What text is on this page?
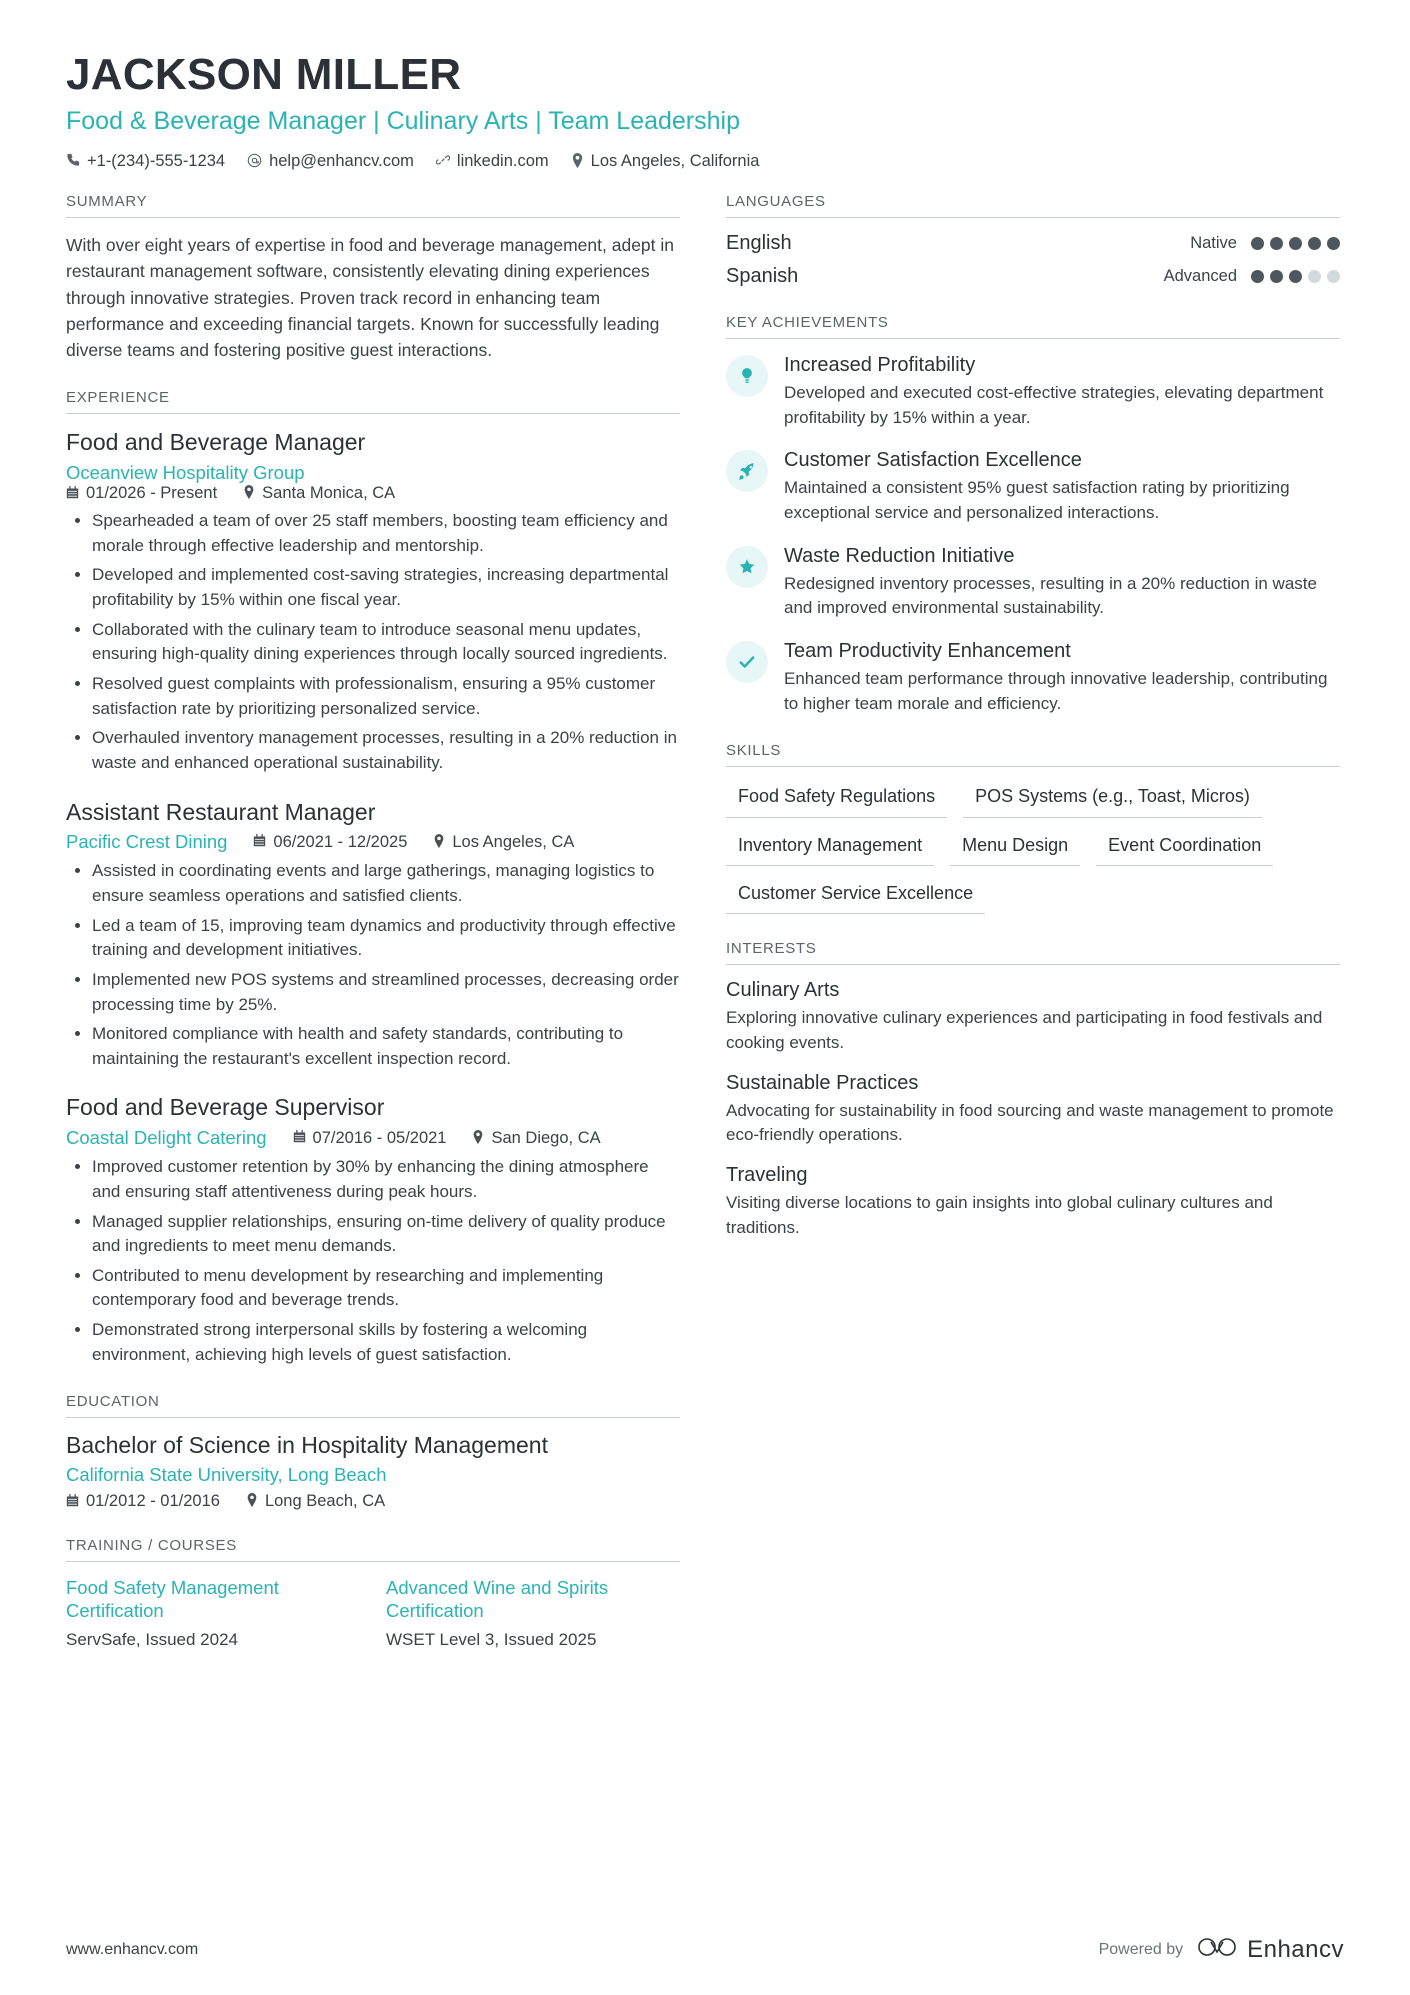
JACKSON MILLER
Food & Beverage Manager | Culinary Arts | Team Leadership
+1-(234)-555-1234	help@enhancv.com	linkedin.com	Los Angeles, California
SUMMARY
With over eight years of expertise in food and beverage management, adept in restaurant management software, consistently elevating dining experiences through innovative strategies. Proven track record in enhancing team performance and exceeding financial targets. Known for successfully leading diverse teams and fostering positive guest interactions.
EXPERIENCE
Food and Beverage Manager
Oceanview Hospitality Group
01/2026 - Present	Santa Monica, CA
• Spearheaded a team of over 25 staff members, boosting team efficiency and morale through effective leadership and mentorship.
• Developed and implemented cost-saving strategies, increasing departmental profitability by 15% within one fiscal year.
• Collaborated with the culinary team to introduce seasonal menu updates, ensuring high-quality dining experiences through locally sourced ingredients.
• Resolved guest complaints with professionalism, ensuring a 95% customer satisfaction rate by prioritizing personalized service.
• Overhauled inventory management processes, resulting in a 20% reduction in waste and enhanced operational sustainability.
Assistant Restaurant Manager
Pacific Crest Dining	06/2021 - 12/2025	Los Angeles, CA
• Assisted in coordinating events and large gatherings, managing logistics to ensure seamless operations and satisfied clients.
• Led a team of 15, improving team dynamics and productivity through effective training and development initiatives.
• Implemented new POS systems and streamlined processes, decreasing order processing time by 25%.
• Monitored compliance with health and safety standards, contributing to maintaining the restaurant's excellent inspection record.
Food and Beverage Supervisor
Coastal Delight Catering	07/2016 - 05/2021	San Diego, CA
• Improved customer retention by 30% by enhancing the dining atmosphere and ensuring staff attentiveness during peak hours.
• Managed supplier relationships, ensuring on-time delivery of quality produce and ingredients to meet menu demands.
• Contributed to menu development by researching and implementing contemporary food and beverage trends.
• Demonstrated strong interpersonal skills by fostering a welcoming environment, achieving high levels of guest satisfaction.
EDUCATION
Bachelor of Science in Hospitality Management
California State University, Long Beach
01/2012 - 01/2016	Long Beach, CA
TRAINING / COURSES
Food Safety Management Certification
ServSafe, Issued 2024
Advanced Wine and Spirits Certification
WSET Level 3, Issued 2025
LANGUAGES
English	Native
Spanish	Advanced
KEY ACHIEVEMENTS
Increased Profitability
Developed and executed cost-effective strategies, elevating department profitability by 15% within a year.
Customer Satisfaction Excellence
Maintained a consistent 95% guest satisfaction rating by prioritizing exceptional service and personalized interactions.
Waste Reduction Initiative
Redesigned inventory processes, resulting in a 20% reduction in waste and improved environmental sustainability.
Team Productivity Enhancement
Enhanced team performance through innovative leadership, contributing to higher team morale and efficiency.
SKILLS
Food Safety Regulations	POS Systems (e.g., Toast, Micros)
Inventory Management	Menu Design	Event Coordination
Customer Service Excellence
INTERESTS
Culinary Arts
Exploring innovative culinary experiences and participating in food festivals and cooking events.
Sustainable Practices
Advocating for sustainability in food sourcing and waste management to promote eco-friendly operations.
Traveling
Visiting diverse locations to gain insights into global culinary cultures and traditions.
www.enhancv.com	Powered by	Enhancv
